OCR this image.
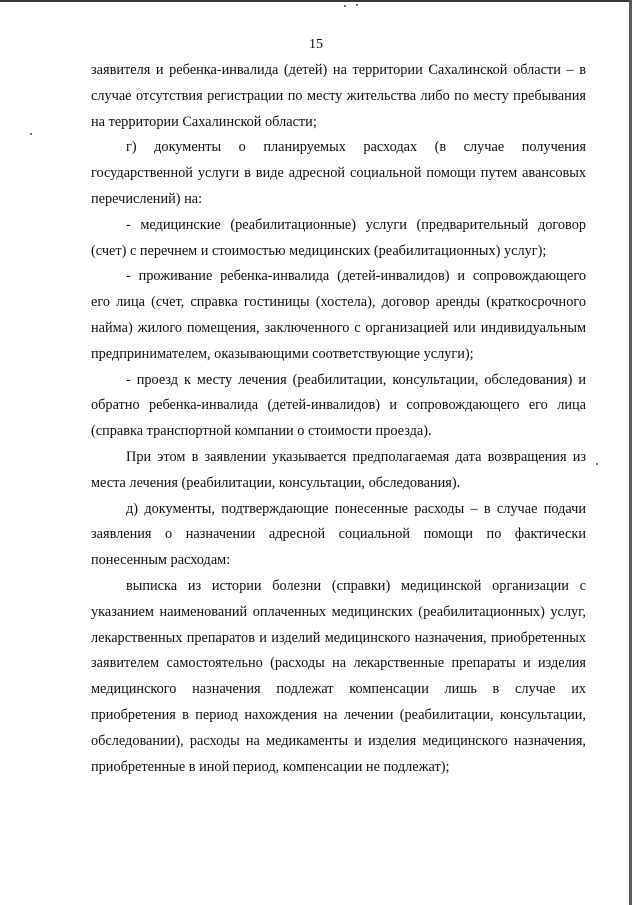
15

заявителя и ребенка-инвалида (детей) на территории Сахалинской области – в случае отсутствия регистрации по месту жительства либо по месту пребывания на территории Сахалинской области;

г) документы о планируемых расходах (в случае получения государственной услуги в виде адресной социальной помощи путем авансовых перечислений) на:

- медицинские (реабилитационные) услуги (предварительный договор (счет) с перечнем и стоимостью медицинских (реабилитационных) услуг);

- проживание ребенка-инвалида (детей-инвалидов) и сопровождающего его лица (счет, справка гостиницы (хостела), договор аренды (краткосрочного найма) жилого помещения, заключенного с организацией или индивидуальным предпринимателем, оказывающими соответствующие услуги);

- проезд к месту лечения (реабилитации, консультации, обследования) и обратно ребенка-инвалида (детей-инвалидов) и сопровождающего его лица (справка транспортной компании о стоимости проезда).

При этом в заявлении указывается предполагаемая дата возвращения из места лечения (реабилитации, консультации, обследования).

д) документы, подтверждающие понесенные расходы – в случае подачи заявления о назначении адресной социальной помощи по фактически понесенным расходам:

выписка из истории болезни (справки) медицинской организации с указанием наименований оплаченных медицинских (реабилитационных) услуг, лекарственных препаратов и изделий медицинского назначения, приобретенных заявителем самостоятельно (расходы на лекарственные препараты и изделия медицинского назначения подлежат компенсации лишь в случае их приобретения в период нахождения на лечении (реабилитации, консультации, обследовании), расходы на медикаменты и изделия медицинского назначения, приобретенные в иной период, компенсации не подлежат);
